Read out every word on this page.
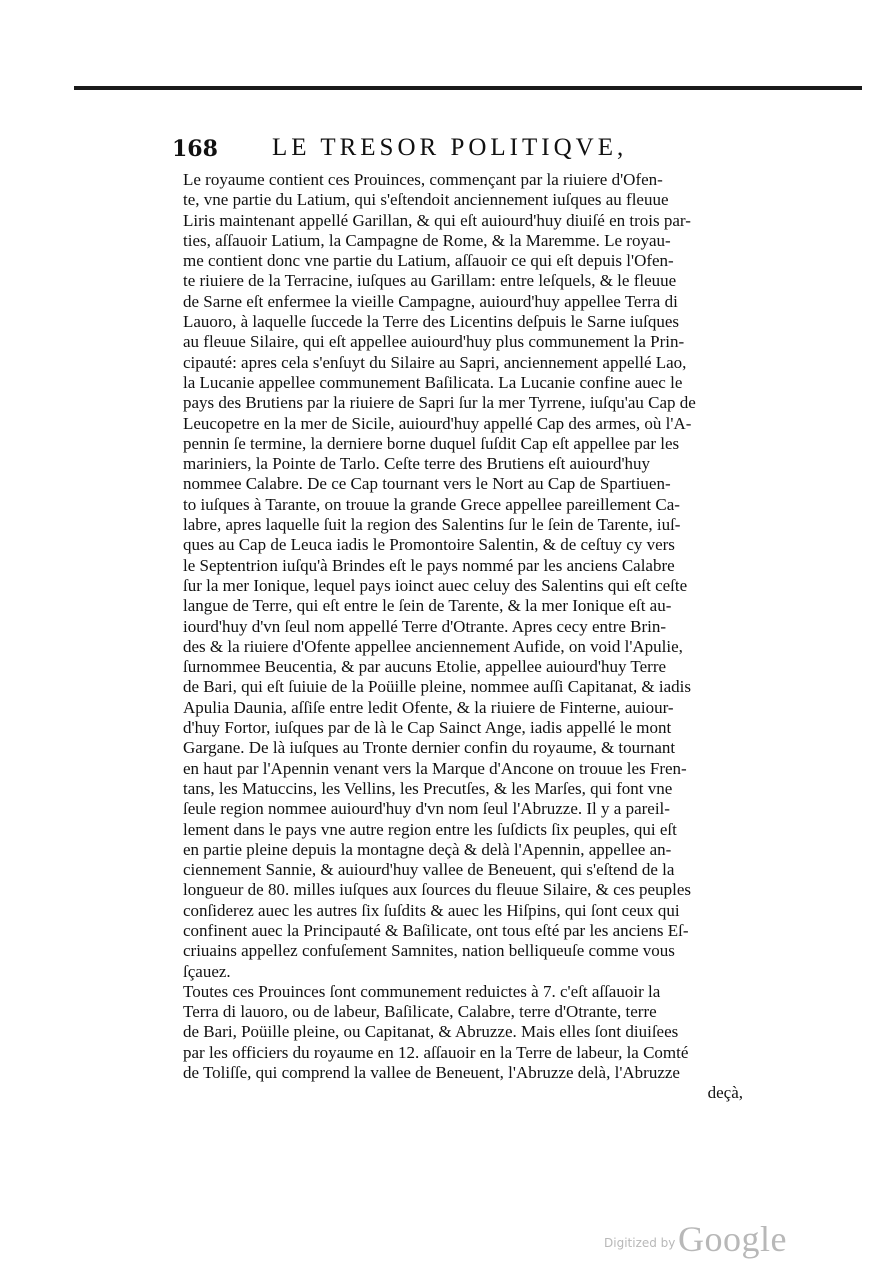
168 LE TRESOR POLITIQVE,
Le royaume contient ces Prouinces, commençant par la riuiere d'Ofen-
te, vne partie du Latium, qui s'eſtendoit anciennement iuſques au fleuue
Liris maintenant appellé Garillan, & qui eſt auiourd'huy diuiſé en trois par-
ties, aſſauoir Latium, la Campagne de Rome, & la Maremme. Le royau-
me contient donc vne partie du Latium, aſſauoir ce qui eſt depuis l'Ofen-
te riuiere de la Terracine, iuſques au Garillam: entre leſquels, & le fleuue
de Sarne eſt enfermee la vieille Campagne, auiourd'huy appellee Terra di
Lauoro, à laquelle ſuccede la Terre des Licentins deſpuis le Sarne iuſques
au fleuue Silaire, qui eſt appellee auiourd'huy plus communement la Prin-
cipauté: apres cela s'enſuyt du Silaire au Sapri, anciennement appellé Lao,
la Lucanie appellee communement Baſilicata. La Lucanie confine auec le
pays des Brutiens par la riuiere de Sapri ſur la mer Tyrrene, iuſqu'au Cap de
Leucopetre en la mer de Sicile, auiourd'huy appellé Cap des armes, où l'A-
pennin ſe termine, la derniere borne duquel ſuſdit Cap eſt appellee par les
mariniers, la Pointe de Tarlo. Ceſte terre des Brutiens eſt auiourd'huy
nommee Calabre. De ce Cap tournant vers le Nort au Cap de Spartiuen-
to iuſques à Tarante, on trouue la grande Grece appellee pareillement Ca-
labre, apres laquelle ſuit la region des Salentins ſur le ſein de Tarente, iuſ-
ques au Cap de Leuca iadis le Promontoire Salentin, & de ceſtuy cy vers
le Septentrion iuſqu'à Brindes eſt le pays nommé par les anciens Calabre
ſur la mer Ionique, lequel pays ioinct auec celuy des Salentins qui eſt ceſte
langue de Terre, qui eſt entre le ſein de Tarente, & la mer Ionique eſt au-
iourd'huy d'vn ſeul nom appellé Terre d'Otrante. Apres cecy entre Brin-
des & la riuiere d'Ofente appellee anciennement Aufide, on void l'Apulie,
ſurnommee Beucentia, & par aucuns Etolie, appellee auiourd'huy Terre
de Bari, qui eſt ſuiuie de la Poüille pleine, nommee auſſi Capitanat, & iadis
Apulia Daunia, aſſiſe entre ledit Ofente, & la riuiere de Finterne, auiour-
d'huy Fortor, iuſques par de là le Cap Sainct Ange, iadis appellé le mont
Gargane. De là iuſques au Tronte dernier confin du royaume, & tournant
en haut par l'Apennin venant vers la Marque d'Ancone on trouue les Fren-
tans, les Matuccins, les Vellins, les Precutſes, & les Marſes, qui font vne
ſeule region nommee auiourd'huy d'vn nom ſeul l'Abruzze. Il y a pareil-
lement dans le pays vne autre region entre les ſuſdicts ſix peuples, qui eſt
en partie pleine depuis la montagne deçà & delà l'Apennin, appellee an-
ciennement Sannie, & auiourd'huy vallee de Beneuent, qui s'eſtend de la
longueur de 80. milles iuſques aux ſources du fleuue Silaire, & ces peuples
conſiderez auec les autres ſix ſuſdits & auec les Hiſpins, qui ſont ceux qui
confinent auec la Principauté & Baſilicate, ont tous eſté par les anciens Eſ-
criuains appellez confuſement Samnites, nation belliqueuſe comme vous
ſçauez.
Toutes ces Prouinces ſont communement reduictes à 7. c'eſt aſſauoir la
Terra di lauoro, ou de labeur, Baſilicate, Calabre, terre d'Otrante, terre
de Bari, Poüille pleine, ou Capitanat, & Abruzze. Mais elles ſont diuiſees
par les officiers du royaume en 12. aſſauoir en la Terre de labeur, la Comté
de Toliſſe, qui comprend la vallee de Beneuent, l'Abruzze delà, l'Abruzze
deçà,
Digitized by Google
